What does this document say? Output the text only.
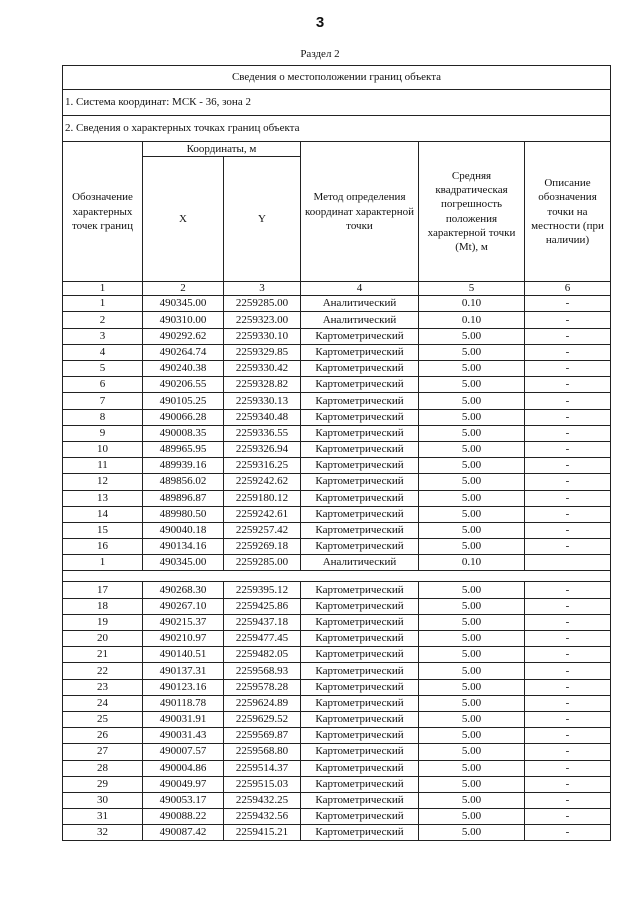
3
Раздел 2
Сведения о местоположении границ объекта					
1. Система координат: МСК - 36, зона 2					
2. Сведения о характерных точках границ объекта					
Обозначение характерных точек границ	Координаты, м		Метод определения координат характерной точки	Средняя квадратическая погрешность положения характерной точки (Mt), м	Описание обозначения точки на местности (при наличии)
	X	Y			
1	2	3	4	5	6
1	490345.00	2259285.00	Аналитический	0.10	-
2	490310.00	2259323.00	Аналитический	0.10	-
3	490292.62	2259330.10	Картометрический	5.00	-
4	490264.74	2259329.85	Картометрический	5.00	-
5	490240.38	2259330.42	Картометрический	5.00	-
6	490206.55	2259328.82	Картометрический	5.00	-
7	490105.25	2259330.13	Картометрический	5.00	-
8	490066.28	2259340.48	Картометрический	5.00	-
9	490008.35	2259336.55	Картометрический	5.00	-
10	489965.95	2259326.94	Картометрический	5.00	-
11	489939.16	2259316.25	Картометрический	5.00	-
12	489856.02	2259242.62	Картометрический	5.00	-
13	489896.87	2259180.12	Картометрический	5.00	-
14	489980.50	2259242.61	Картометрический	5.00	-
15	490040.18	2259257.42	Картометрический	5.00	-
16	490134.16	2259269.18	Картометрический	5.00	-
1	490345.00	2259285.00	Аналитический	0.10	

17	490268.30	2259395.12	Картометрический	5.00	-
18	490267.10	2259425.86	Картометрический	5.00	-
19	490215.37	2259437.18	Картометрический	5.00	-
20	490210.97	2259477.45	Картометрический	5.00	-
21	490140.51	2259482.05	Картометрический	5.00	-
22	490137.31	2259568.93	Картометрический	5.00	-
23	490123.16	2259578.28	Картометрический	5.00	-
24	490118.78	2259624.89	Картометрический	5.00	-
25	490031.91	2259629.52	Картометрический	5.00	-
26	490031.43	2259569.87	Картометрический	5.00	-
27	490007.57	2259568.80	Картометрический	5.00	-
28	490004.86	2259514.37	Картометрический	5.00	-
29	490049.97	2259515.03	Картометрический	5.00	-
30	490053.17	2259432.25	Картометрический	5.00	-
31	490088.22	2259432.56	Картометрический	5.00	-
32	490087.42	2259415.21	Картометрический	5.00	-
